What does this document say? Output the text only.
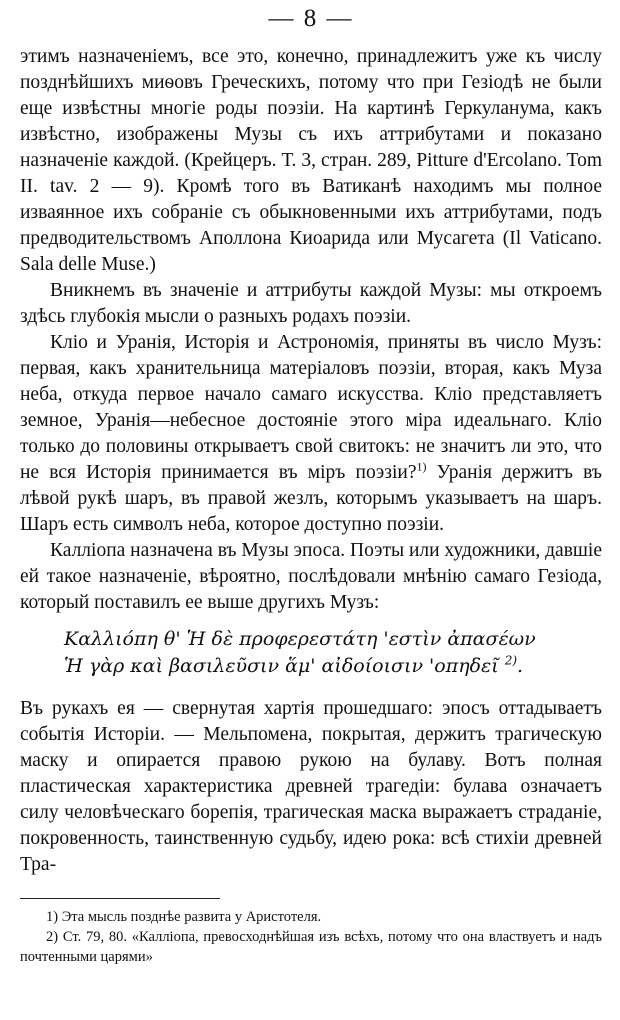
— 8 —

этимъ назначеніемъ, все это, конечно, принадлежитъ уже къ числу позднѣйшихъ миѳовъ Греческихъ, потому что при Гезіодѣ не были еще извѣстны многіе роды поэзіи. На картинѣ Геркуланума, какъ извѣстно, изображены Музы съ ихъ аттрибутами и показано назначеніе каждой. (Крейцеръ. Т. 3, стран. 289, Pitture d'Ercolano. Tom II. tav. 2 — 9). Кромѣ того въ Ватиканѣ находимъ мы полное изваянное ихъ собраніе съ обыкновенными ихъ аттрибутами, подъ предводительствомъ Аполлона Киоарида или Мусагета (Il Vaticano. Sala delle Muse.)

Вникнемъ въ значеніе и аттрибуты каждой Музы: мы откроемъ здѣсь глубокія мысли о разныхъ родахъ поэзіи.

Кліо и Уранія, Исторія и Астрономія, приняты въ число Музъ: первая, какъ хранительница матеріаловъ поэзіи, вторая, какъ Муза неба, откуда первое начало самаго искусства. Кліо представляетъ земное, Уранія—небесное достояніе этого міра идеальнаго. Кліо только до половины открываетъ свой свитокъ: не значитъ ли это, что не вся Исторія принимается въ міръ поэзіи?$^{1)}$ Уранія держитъ въ лѣвой рукѣ шаръ, въ правой жезлъ, которымъ указываетъ на шаръ. Шаръ есть символъ неба, которое доступно поэзіи.

Калліопа назначена въ Музы эпоса. Поэты или художники, давшіе ей такое назначеніе, вѣроятно, послѣдовали мнѣнію самаго Гезіода, который поставилъ ее выше другихъ Музъ:

Καλλιόπη θ' Ἡ δὲ προφερεστάτη 'εστὶν ἀπασέων
Ἡ γὰρ καὶ βασιλεῦσιν ἅμ' αἰδοίοισιν 'οπηδεῖ $^{2)}$.

Въ рукахъ ея — свернутая хартія прошедшаго: эпосъ оттадываетъ событія Исторіи. — Мельпомена, покрытая, держитъ трагическую маску и опирается правою рукою на булаву. Вотъ полная пластическая характеристика древней трагедіи: булава означаетъ силу человѣческаго борепія, трагическая маска выражаетъ страданіе, покровенность, таинственную судьбу, идею рока: всѣ стихіи древней Тра-

1) Эта мысль позднѣе развита у Аристотеля.
2) Ст. 79, 80. «Калліопа, превосходнѣйшая изъ всѣхъ, потому что она властвуетъ и надъ почтенными царями»
